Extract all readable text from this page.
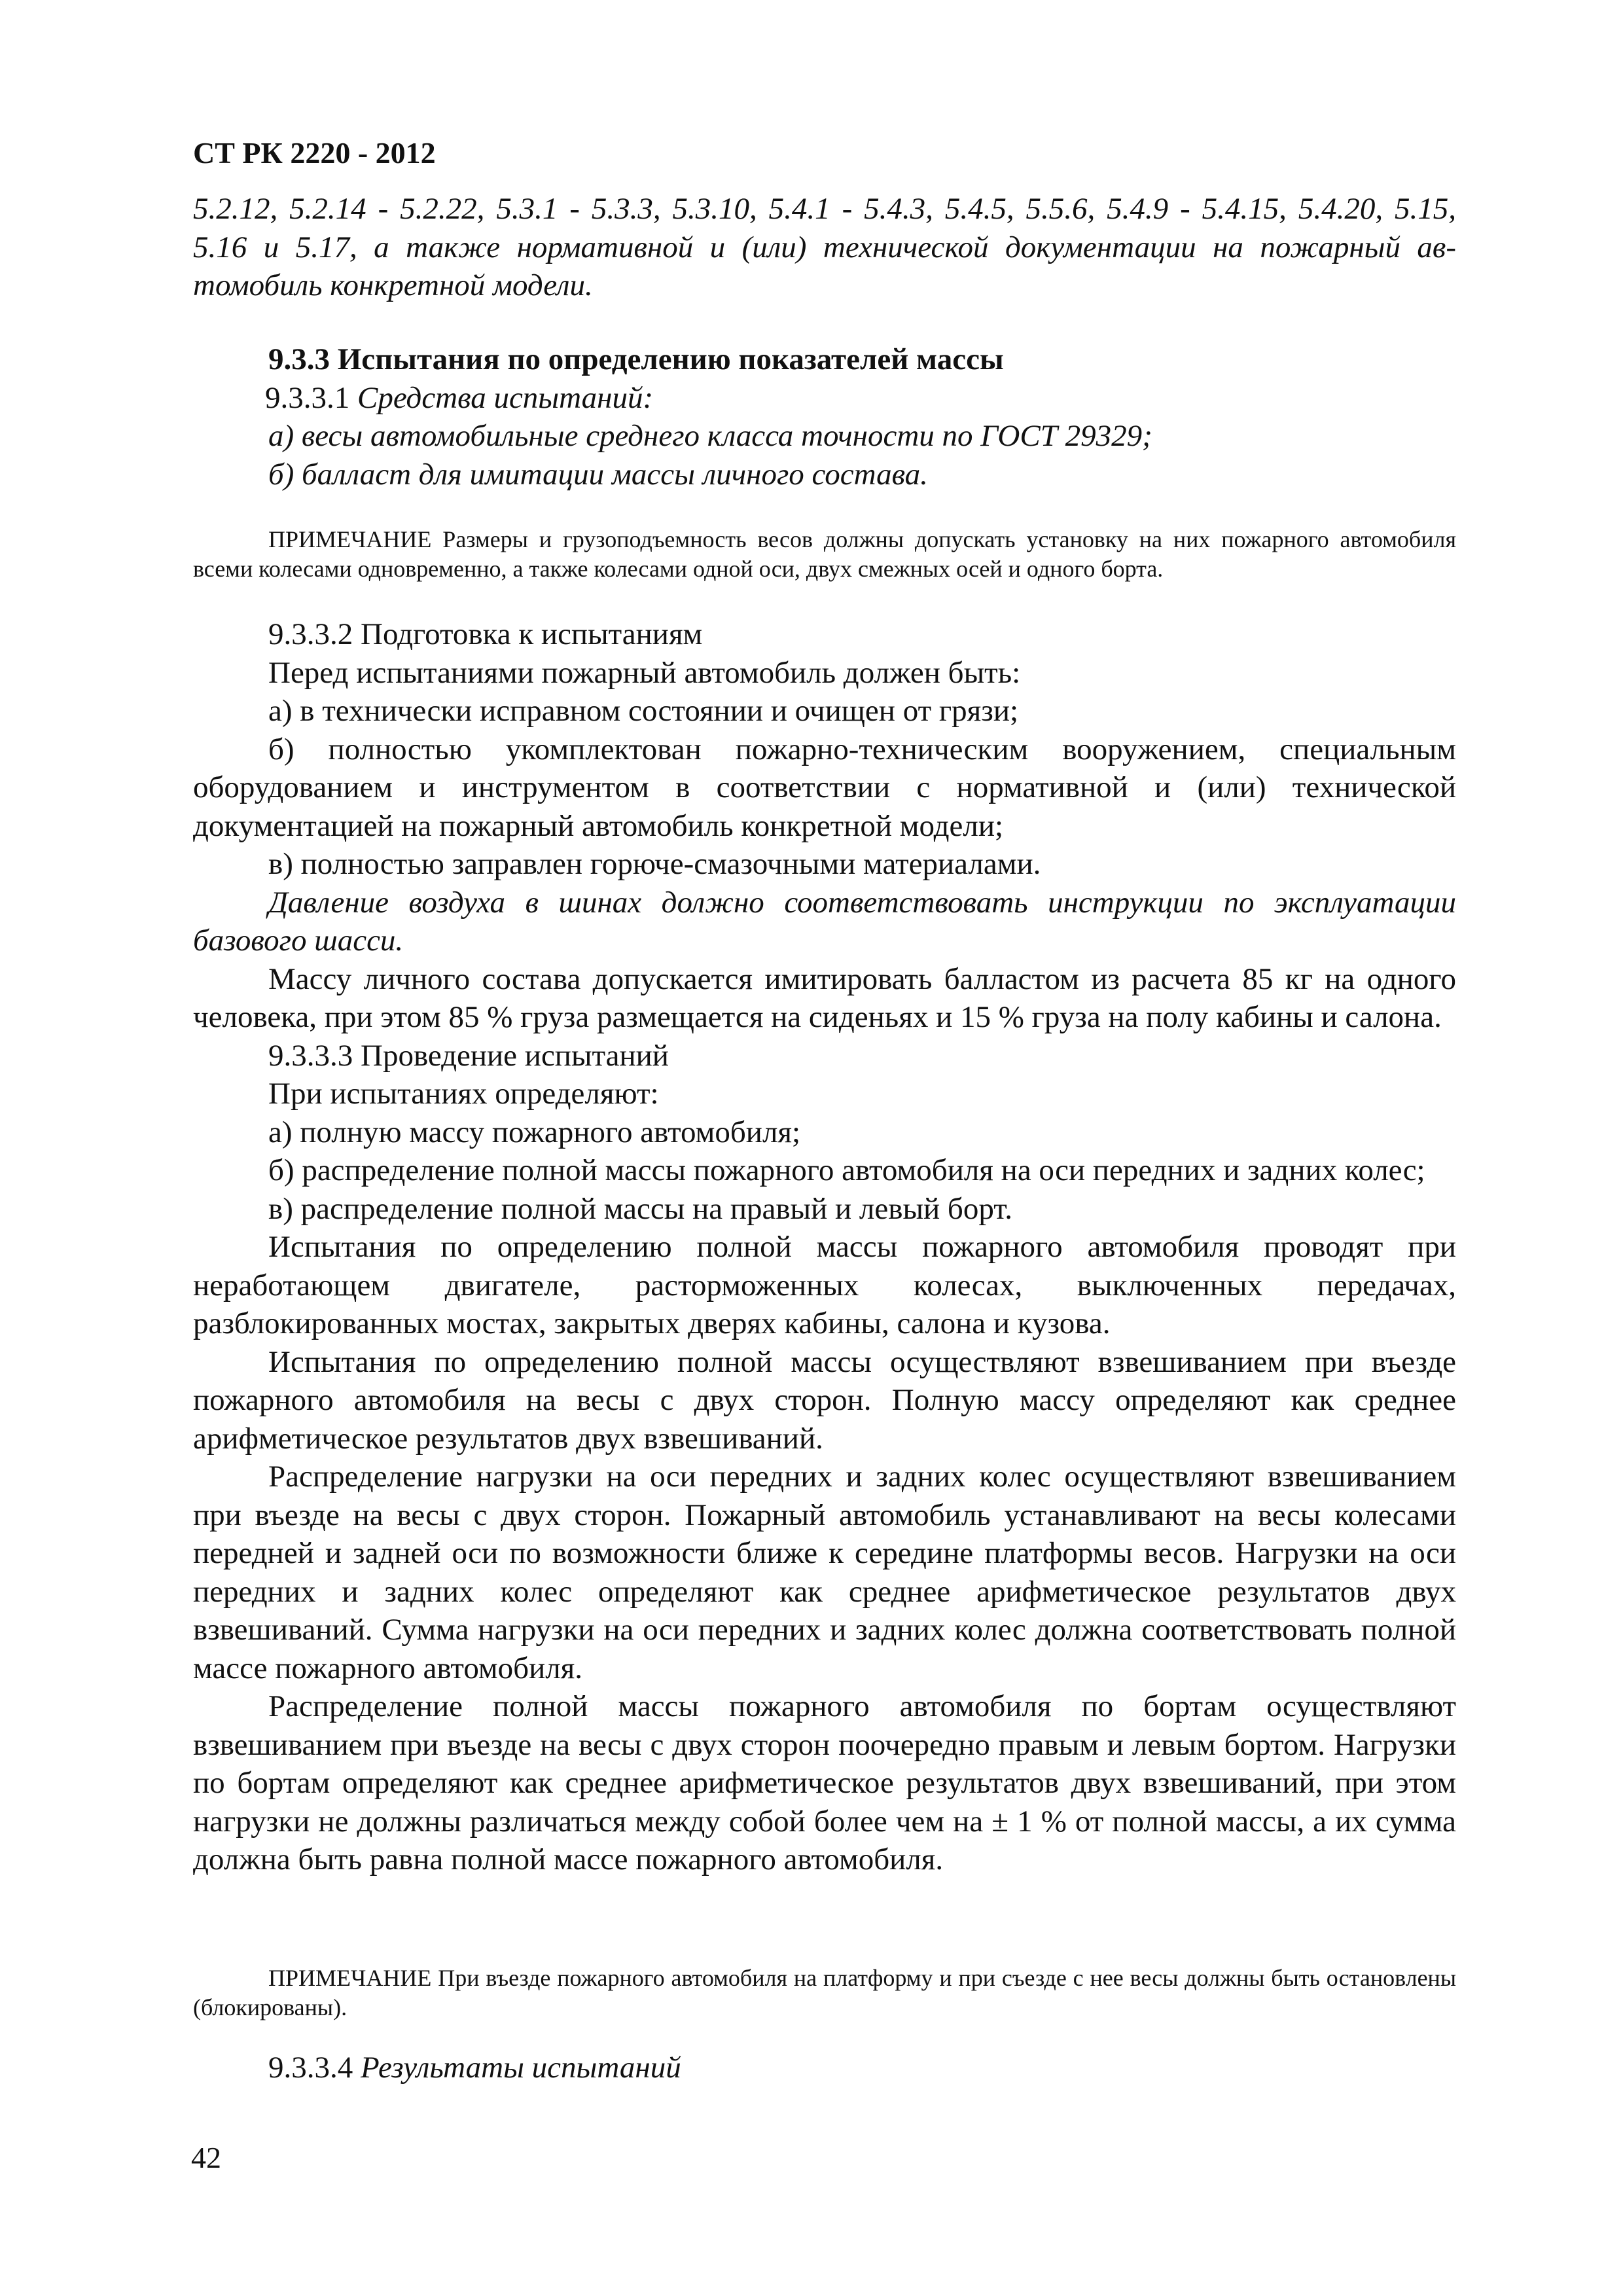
СТ РК 2220 - 2012

5.2.12, 5.2.14 - 5.2.22, 5.3.1 - 5.3.3, 5.3.10, 5.4.1 - 5.4.3, 5.4.5, 5.5.6, 5.4.9 - 5.4.15, 5.4.20, 5.15,

5.16 и 5.17, а также нормативной и (или) технической документации на пожарный ав-

томобиль конкретной модели.

9.3.3 Испытания по определению показателей массы

9.3.3.1 Средства испытаний:

а) весы автомобильные среднего класса точности по ГОСТ 29329;

б) балласт для имитации массы личного состава.

ПРИМЕЧАНИЕ Размеры и грузоподъемность весов должны допускать установку на них пожарного автомобиля всеми колесами одновременно, а также колесами одной оси, двух смежных осей и одного борта.

9.3.3.2 Подготовка к испытаниям

Перед испытаниями пожарный автомобиль должен быть:

а) в технически исправном состоянии и очищен от грязи;

б) полностью укомплектован пожарно-техническим вооружением, специальным оборудованием и инструментом в соответствии с нормативной и (или) технической документацией на пожарный автомобиль конкретной модели;

в) полностью заправлен горюче-смазочными материалами.

Давление воздуха в шинах должно соответствовать инструкции по эксплуатации базового шасси.

Массу личного состава допускается имитировать балластом из расчета 85 кг на одного человека, при этом 85 % груза размещается на сиденьях и 15 % груза на полу кабины и салона.

9.3.3.3 Проведение испытаний

При испытаниях определяют:

а) полную массу пожарного автомобиля;

б) распределение полной массы пожарного автомобиля на оси передних и задних колес;

в) распределение полной массы на правый и левый борт.

Испытания по определению полной массы пожарного автомобиля проводят при неработающем двигателе, расторможенных колесах, выключенных передачах, разблокированных мостах, закрытых дверях кабины, салона и кузова.

Испытания по определению полной массы осуществляют взвешиванием при въезде пожарного автомобиля на весы с двух сторон. Полную массу определяют как среднее арифметическое результатов двух взвешиваний.

Распределение нагрузки на оси передних и задних колес осуществляют взвешиванием при въезде на весы с двух сторон. Пожарный автомобиль устанавливают на весы колесами передней и задней оси по возможности ближе к середине платформы весов. Нагрузки на оси передних и задних колес определяют как среднее арифметическое результатов двух взвешиваний. Сумма нагрузки на оси передних и задних колес должна соответствовать полной массе пожарного автомобиля.

Распределение полной массы пожарного автомобиля по бортам осуществляют взвешиванием при въезде на весы с двух сторон поочередно правым и левым бортом. Нагрузки по бортам определяют как среднее арифметическое результатов двух взвешиваний, при этом нагрузки не должны различаться между собой более чем на ± 1 % от полной массы, а их сумма должна быть равна полной массе пожарного автомобиля.

ПРИМЕЧАНИЕ При въезде пожарного автомобиля на платформу и при съезде с нее весы должны быть остановлены (блокированы).

9.3.3.4 Результаты испытаний

42
